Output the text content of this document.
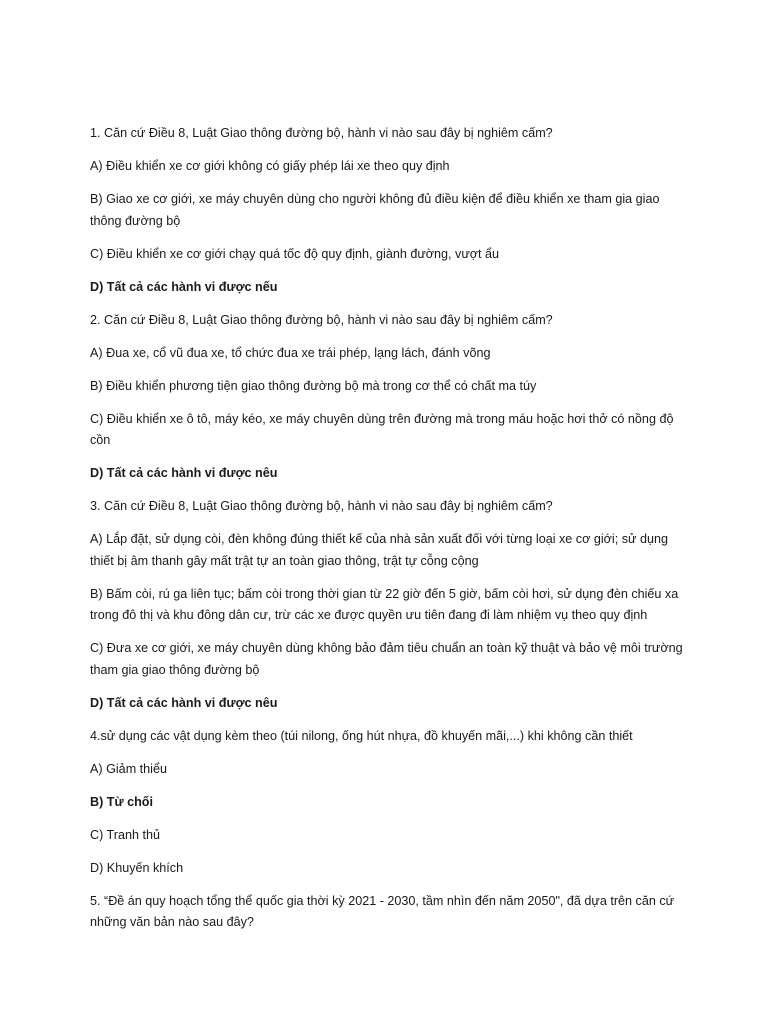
1. Căn cứ Điều 8, Luật Giao thông đường bộ, hành vi nào sau đây bị nghiêm cấm?

A) Điều khiển xe cơ giới không có giấy phép lái xe theo quy định

B) Giao xe cơ giới, xe máy chuyên dùng cho người không đủ điều kiện để điều khiển xe tham gia giao thông đường bộ

C) Điều khiển xe cơ giới chạy quá tốc độ quy định, giành đường, vượt ẩu

D) Tất cả các hành vi được nếu

2. Căn cứ Điều 8, Luật Giao thông đường bộ, hành vi nào sau đây bị nghiêm cấm?

A) Đua xe, cổ vũ đua xe, tổ chức đua xe trái phép, lạng lách, đánh võng

B) Điều khiển phương tiện giao thông đường bộ mà trong cơ thể có chất ma túy

C) Điều khiển xe ô tô, máy kéo, xe máy chuyên dùng trên đường mà trong máu hoặc hơi thở có nồng độ cồn

D) Tất cả các hành vi được nêu

3. Căn cứ Điều 8, Luật Giao thông đường bộ, hành vi nào sau đây bị nghiêm cấm?

A) Lắp đặt, sử dụng còi, đèn không đúng thiết kế của nhà sản xuất đối với từng loại xe cơ giới; sử dụng thiết bị âm thanh gây mất trật tự an toàn giao thông, trật tự cỗng cộng

B) Bấm còi, rú ga liên tục; bấm còi trong thời gian từ 22 giờ đến 5 giờ, bấm còi hơi, sử dụng đèn chiếu xa trong đô thị và khu đông dân cư, trừ các xe được quyền ưu tiên đang đi làm nhiệm vụ theo quy định

C) Đưa xe cơ giới, xe máy chuyên dùng không bảo đảm tiêu chuẩn an toàn kỹ thuật và bảo vệ môi trường tham gia giao thông đường bộ

D) Tất cả các hành vi được nêu

4.sử dụng các vật dụng kèm theo (túi nilong, ống hút nhựa, đồ khuyến mãi,...) khi không cần thiết

A) Giảm thiểu

B) Từ chối

C) Tranh thủ

D) Khuyến khích

5. “Đề án quy hoạch tổng thể quốc gia thời kỳ 2021 - 2030, tầm nhìn đến năm 2050", đã dựa trên căn cứ những văn bản nào sau đây?
